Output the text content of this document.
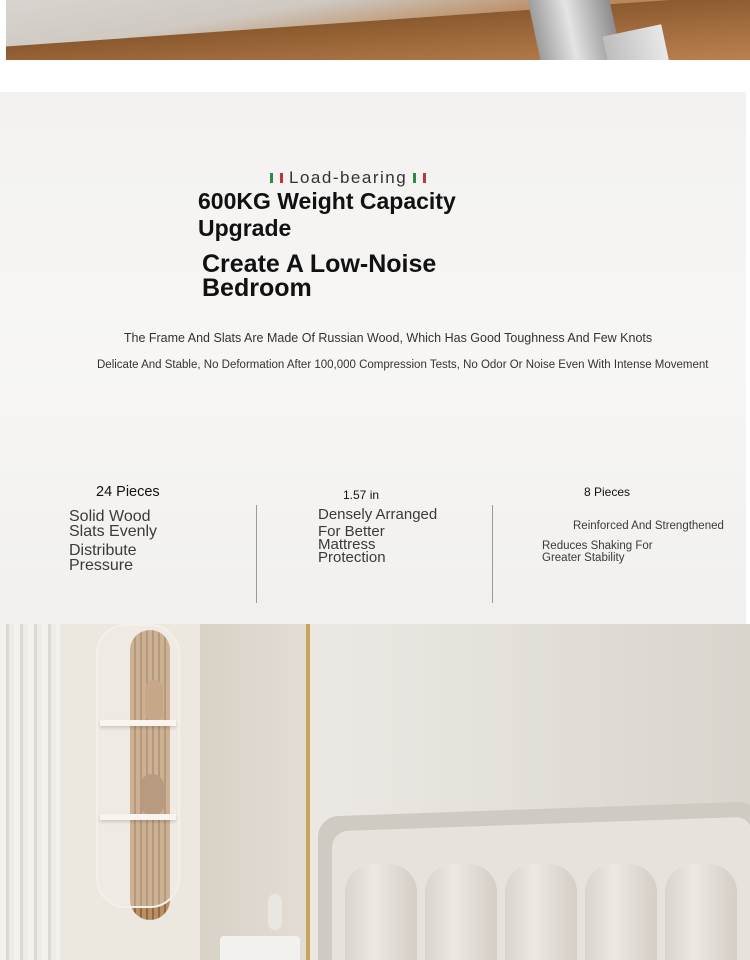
Load-bearing
600KG Weight Capacity
Upgrade
Create A Low-Noise
Bedroom
The Frame And Slats Are Made Of Russian Wood, Which Has Good Toughness And Few Knots
Delicate And Stable, No Deformation After 100,000 Compression Tests, No Odor Or Noise Even With Intense Movement
24 Pieces
Solid Wood
Slats Evenly
Distribute
Pressure
1.57 in
Densely Arranged
For Better
Mattress
Protection
8 Pieces
Reinforced And Strengthened
Reduces Shaking For
Greater Stability
